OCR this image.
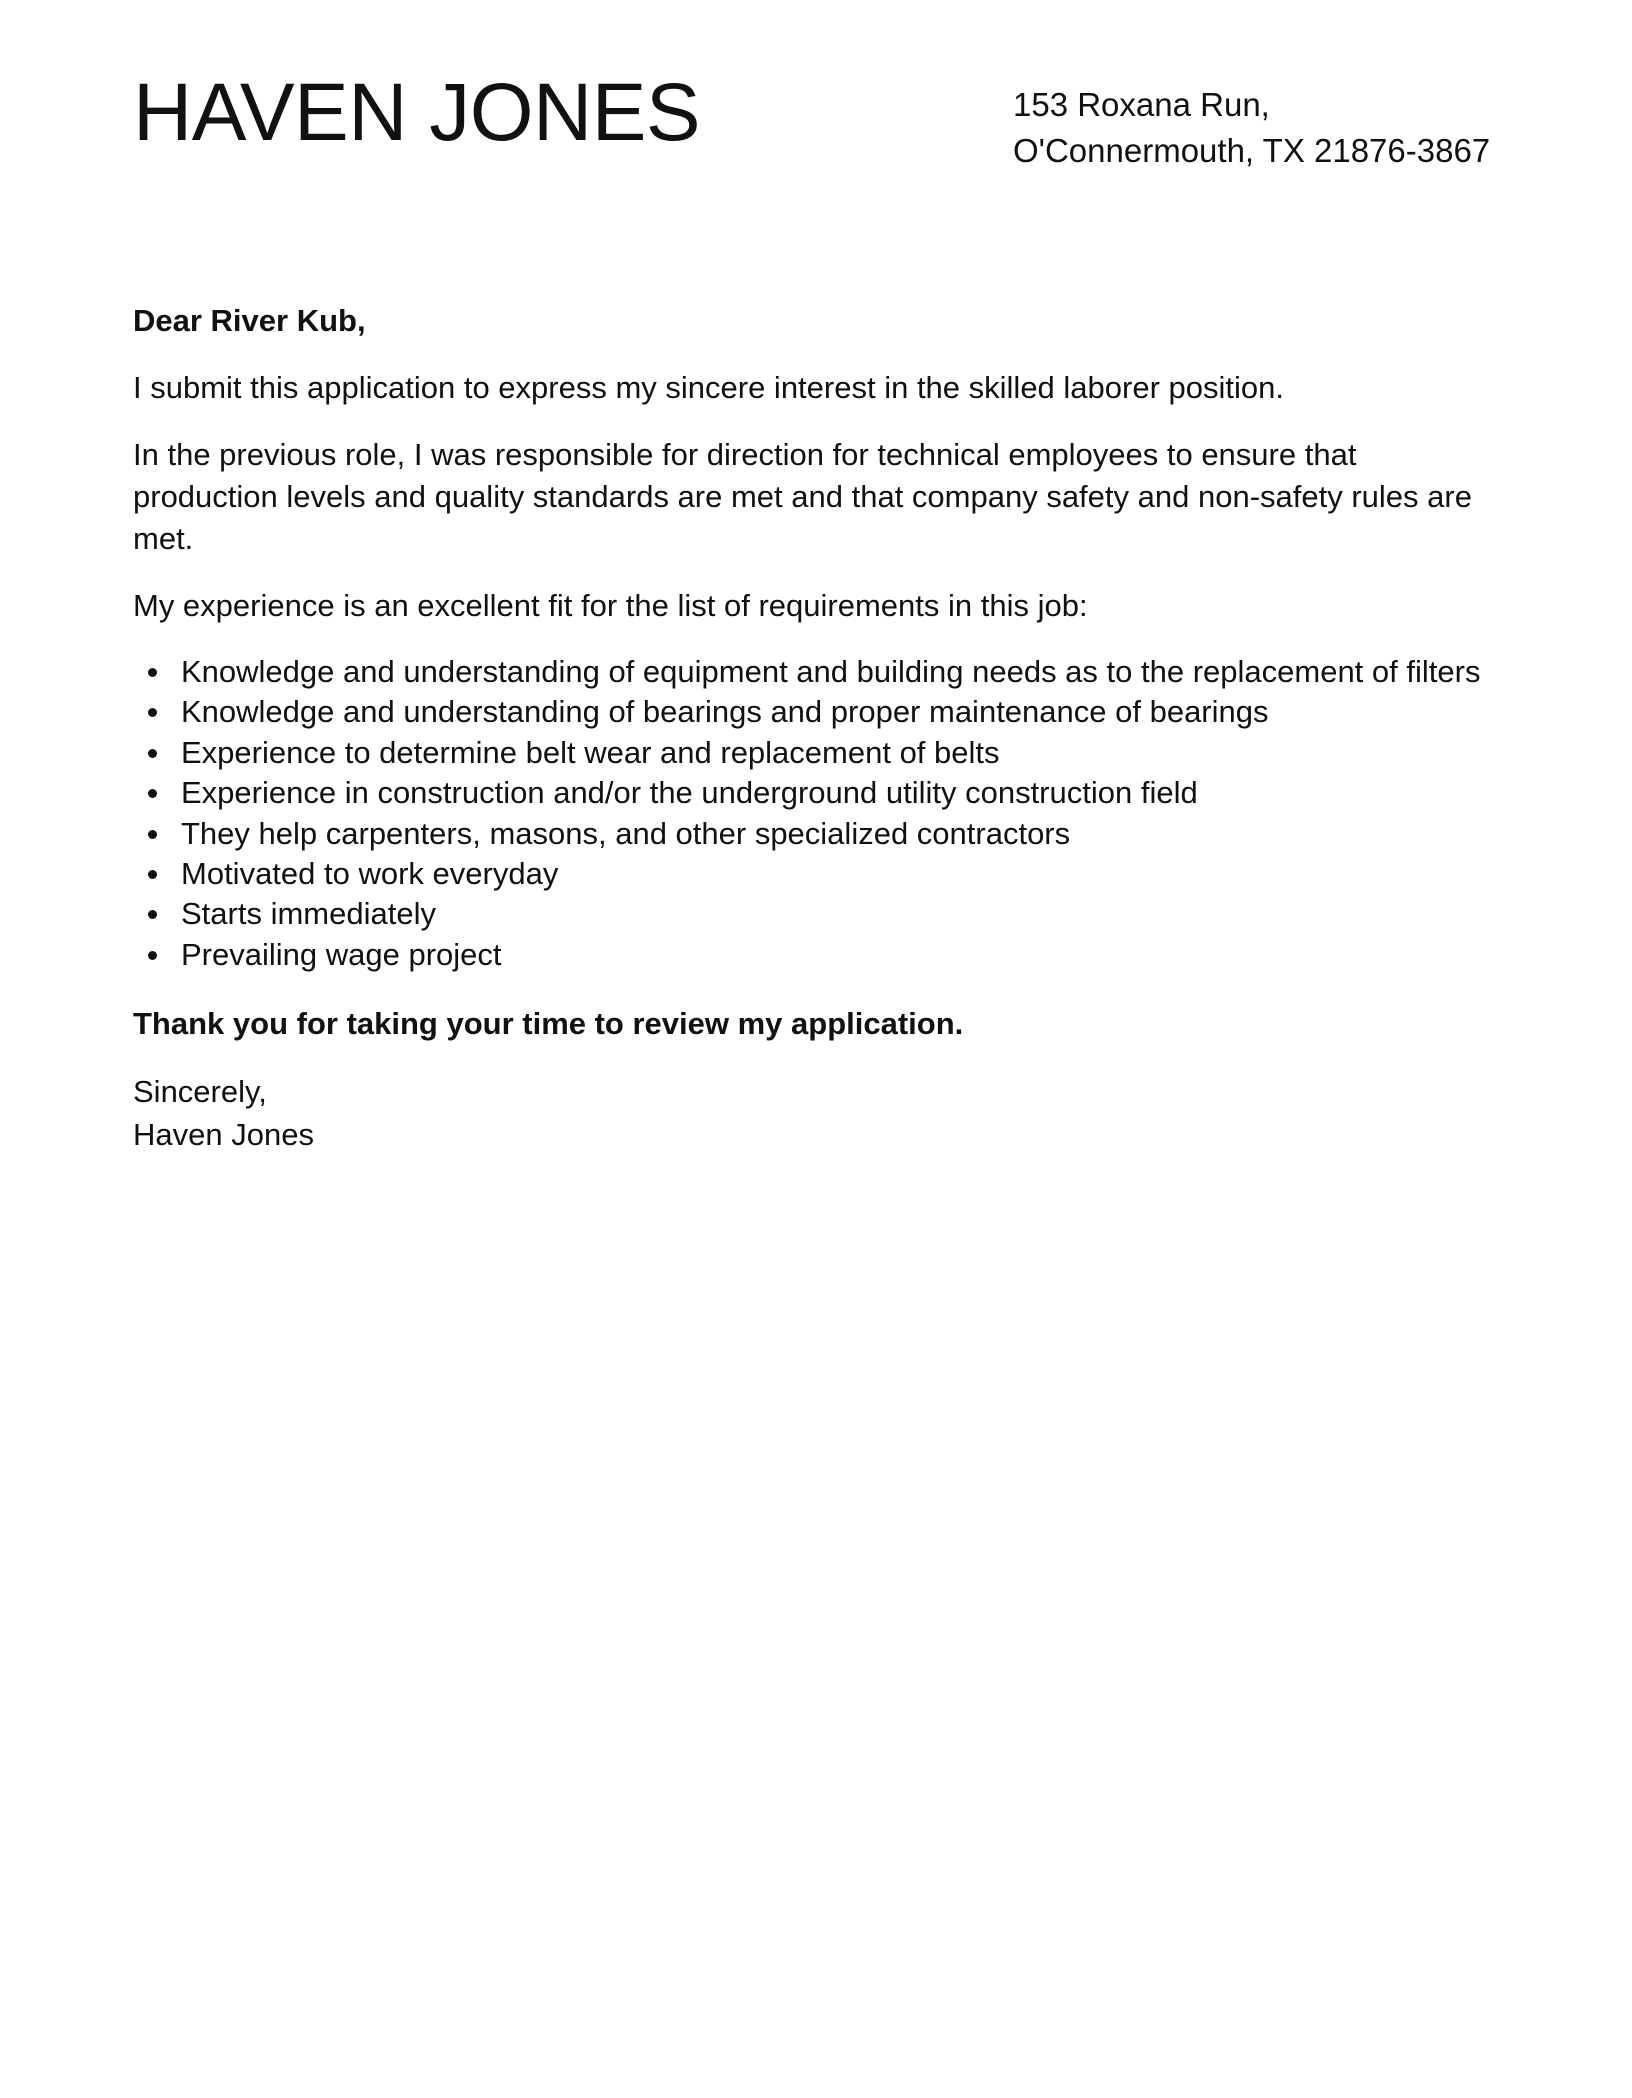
HAVEN JONES	153 Roxana Run,
O'Connermouth, TX 21876-3867

Dear River Kub,

I submit this application to express my sincere interest in the skilled laborer position.

In the previous role, I was responsible for direction for technical employees to ensure that production levels and quality standards are met and that company safety and non-safety rules are met.

My experience is an excellent fit for the list of requirements in this job:

Knowledge and understanding of equipment and building needs as to the replacement of filters
Knowledge and understanding of bearings and proper maintenance of bearings
Experience to determine belt wear and replacement of belts
Experience in construction and/or the underground utility construction field
They help carpenters, masons, and other specialized contractors
Motivated to work everyday
Starts immediately
Prevailing wage project

Thank you for taking your time to review my application.

Sincerely,
Haven Jones
